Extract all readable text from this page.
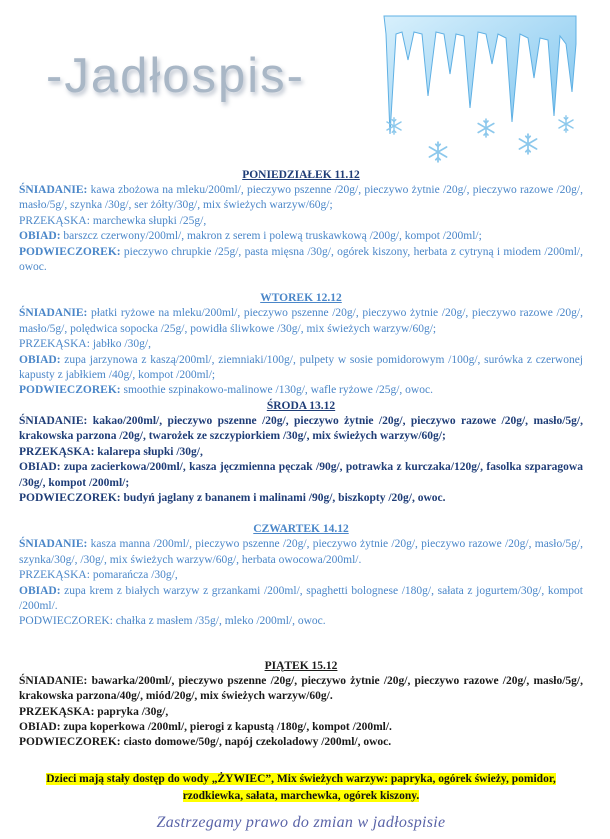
-Jadłospis-

PONIEDZIAŁEK 11.12

ŚNIADANIE: kawa zbożowa na mleku/200ml/, pieczywo pszenne /20g/, pieczywo żytnie /20g/, pieczywo razowe /20g/, masło/5g/, szynka /30g/, ser żółty/30g/, mix świeżych warzyw/60g/;

PRZEKĄSKA: marchewka słupki /25g/,

OBIAD: barszcz czerwony/200ml/, makron z serem i polewą truskawkową /200g/, kompot /200ml/;

PODWIECZOREK: pieczywo chrupkie /25g/, pasta mięsna /30g/, ogórek kiszony, herbata z cytryną i miodem /200ml/, owoc.

WTOREK 12.12

ŚNIADANIE: płatki ryżowe na mleku/200ml/, pieczywo pszenne /20g/, pieczywo żytnie /20g/, pieczywo razowe /20g/, masło/5g/, polędwica sopocka /25g/, powidła śliwkowe /30g/, mix świeżych warzyw/60g/;

PRZEKĄSKA: jabłko /30g/,

OBIAD: zupa jarzynowa z kaszą/200ml/, ziemniaki/100g/, pulpety w sosie pomidorowym /100g/, surówka z czerwonej kapusty z jabłkiem /40g/, kompot /200ml/;

PODWIECZOREK: smoothie szpinakowo-malinowe /130g/, wafle ryżowe /25g/, owoc.

ŚRODA 13.12

ŚNIADANIE: kakao/200ml/, pieczywo pszenne /20g/, pieczywo żytnie /20g/, pieczywo razowe /20g/, masło/5g/, krakowska parzona /20g/, twarożek ze szczypiorkiem /30g/, mix świeżych warzyw/60g/;

PRZEKĄSKA: kalarepa słupki /30g/,

OBIAD: zupa zacierkowa/200ml/, kasza jęczmienna pęczak /90g/, potrawka z kurczaka/120g/, fasolka szparagowa /30g/, kompot /200ml/;

PODWIECZOREK: budyń jaglany z bananem i malinami /90g/, biszkopty /20g/, owoc.

CZWARTEK 14.12

ŚNIADANIE: kasza manna /200ml/, pieczywo pszenne /20g/, pieczywo żytnie /20g/, pieczywo razowe /20g/, masło/5g/, szynka/30g/, /30g/, mix świeżych warzyw/60g/, herbata owocowa/200ml/.

PRZEKĄSKA: pomarańcza /30g/,

OBIAD: zupa krem z białych warzyw z grzankami /200ml/, spaghetti bolognese /180g/, sałata z jogurtem/30g/, kompot /200ml/.

PODWIECZOREK: chałka z masłem /35g/, mleko /200ml/, owoc.

PIĄTEK 15.12

ŚNIADANIE: bawarka/200ml/, pieczywo pszenne /20g/, pieczywo żytnie /20g/, pieczywo razowe /20g/, masło/5g/, krakowska parzona/40g/, miód/20g/, mix świeżych warzyw/60g/.

PRZEKĄSKA: papryka /30g/,

OBIAD: zupa koperkowa /200ml/, pierogi z kapustą /180g/, kompot /200ml/.

PODWIECZOREK: ciasto domowe/50g/, napój czekoladowy /200ml/, owoc.

Dzieci mają stały dostęp do wody „ŻYWIEC”, Mix świeżych warzyw: papryka, ogórek świeży, pomidor, rzodkiewka, sałata, marchewka, ogórek kiszony.
Zastrzegamy prawo do zmian w jadłospisie
